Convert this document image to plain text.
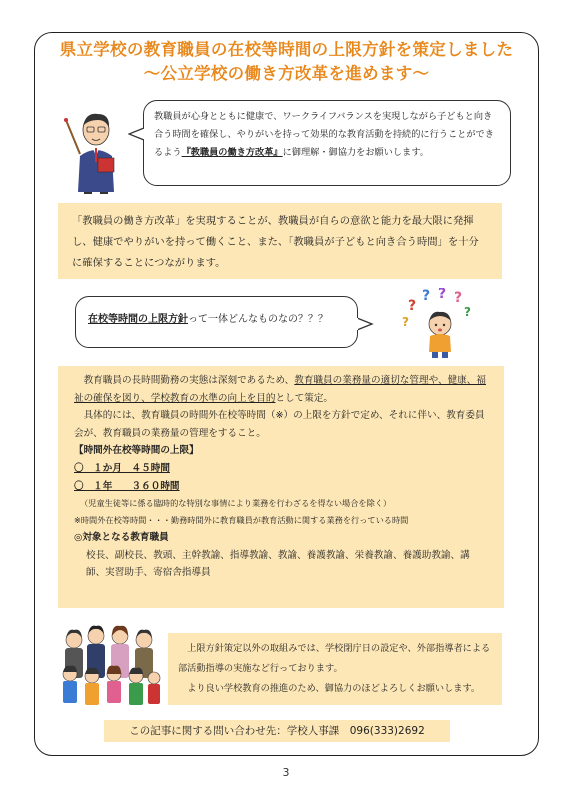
県立学校の教育職員の在校等時間の上限方針を策定しました
～公立学校の働き方改革を進めます～
教職員が心身とともに健康で、ワークライフバランスを実現しながら子どもと向き合う時間を確保し、やりがいを持って効果的な教育活動を持続的に行うことができるよう『教職員の働き方改革』に御理解・御協力をお願いします。
「教職員の働き方改革」を実現することが、教職員が自らの意欲と能力を最大限に発揮し、健康でやりがいを持って働くこと、また、「教職員が子どもと向き合う時間」を十分に確保することにつながります。
在校等時間の上限方針って一体どんなものなの？？？
?
? ? ?
?
?
教育職員の長時間勤務の実態は深刻であるため、教育職員の業務量の適切な管理や、健康、福祉の確保を図り、学校教育の水準の向上を目的として策定。
具体的には、教育職員の時間外在校等時間（※）の上限を方針で定め、それに伴い、教育委員会が、教育職員の業務量の管理をすること。
【時間外在校等時間の上限】
〇　１か月　４５時間
〇　１年　　３６０時間
（児童生徒等に係る臨時的な特別な事情により業務を行わざるを得ない場合を除く）
※時間外在校等時間・・・勤務時間外に教育職員が教育活動に関する業務を行っている時間
◎対象となる教育職員
校長、副校長、教頭、主幹教諭、指導教諭、教諭、養護教諭、栄養教諭、養護助教諭、講師、実習助手、寄宿舎指導員
上限方針策定以外の取組みでは、学校閉庁日の設定や、外部指導者による部活動指導の実施など行っております。
より良い学校教育の推進のため、御協力のほどよろしくお願いします。
この記事に関する問い合わせ先：学校人事課　096(333)2692
3
